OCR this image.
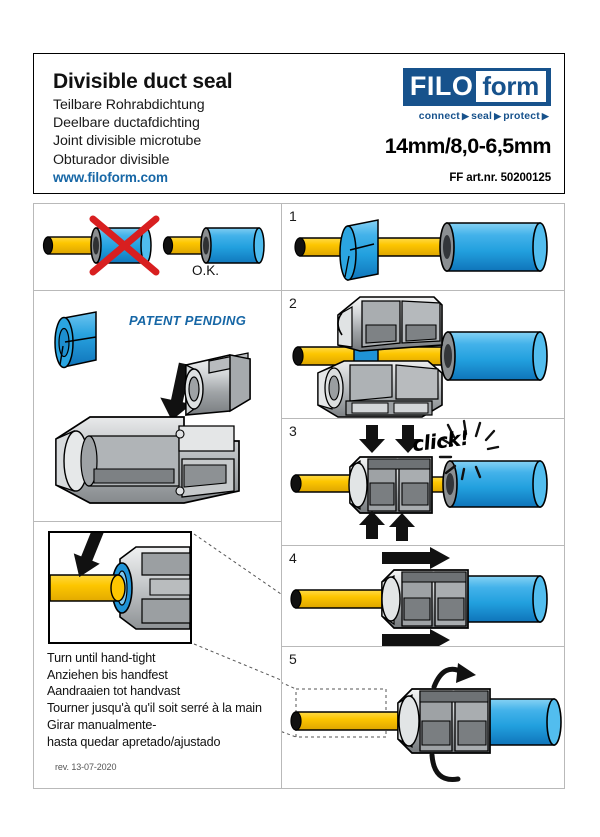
Divisible duct seal
Teilbare Rohrabdichtung
Deelbare ductafdichting
Joint divisible microtube
Obturador divisible
www.filoform.com
FILO form
connect ▶ seal ▶ protect ▶
14mm/8,0-6,5mm
FF art.nr. 50200125
O.K.
PATENT PENDING
Turn until hand-tight
Anziehen bis handfest
Aandraaien tot handvast
Tourner jusqu'à qu'il soit serré à la main
Girar manualmente-
hasta quedar apretado/ajustado
rev. 13-07-2020
1
2
3	click!
4
5
